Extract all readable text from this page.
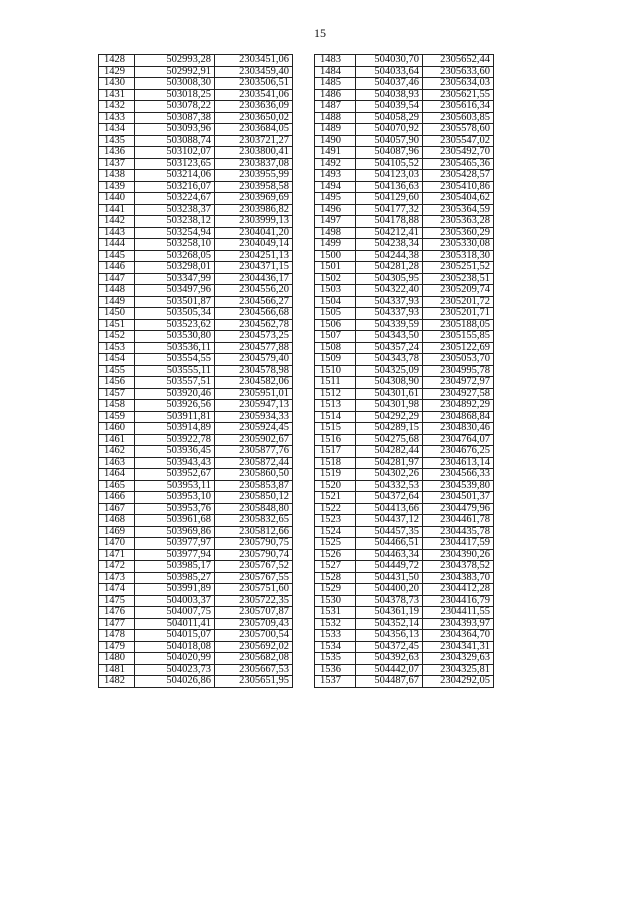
15
1428	502993,28	2303451,06
1429	502992,91	2303459,40
1430	503008,30	2303506,51
1431	503018,25	2303541,06
1432	503078,22	2303636,09
1433	503087,38	2303650,02
1434	503093,96	2303684,05
1435	503088,74	2303721,27
1436	503102,07	2303800,41
1437	503123,65	2303837,08
1438	503214,06	2303955,99
1439	503216,07	2303958,58
1440	503224,67	2303969,69
1441	503238,37	2303986,82
1442	503238,12	2303999,13
1443	503254,94	2304041,20
1444	503258,10	2304049,14
1445	503268,05	2304251,13
1446	503298,01	2304371,15
1447	503347,99	2304436,17
1448	503497,96	2304556,20
1449	503501,87	2304566,27
1450	503505,34	2304566,68
1451	503523,62	2304562,78
1452	503530,80	2304573,25
1453	503536,11	2304577,88
1454	503554,55	2304579,40
1455	503555,11	2304578,98
1456	503557,51	2304582,06
1457	503920,46	2305951,01
1458	503926,56	2305947,13
1459	503911,81	2305934,33
1460	503914,89	2305924,45
1461	503922,78	2305902,67
1462	503936,45	2305877,76
1463	503943,43	2305872,44
1464	503952,67	2305860,50
1465	503953,11	2305853,87
1466	503953,10	2305850,12
1467	503953,76	2305848,80
1468	503961,68	2305832,65
1469	503969,86	2305812,66
1470	503977,97	2305790,75
1471	503977,94	2305790,74
1472	503985,17	2305767,52
1473	503985,27	2305767,55
1474	503991,89	2305751,60
1475	504003,37	2305722,35
1476	504007,75	2305707,87
1477	504011,41	2305709,43
1478	504015,07	2305700,54
1479	504018,08	2305692,02
1480	504020,99	2305682,08
1481	504023,73	2305667,53
1482	504026,86	2305651,95
1483	504030,70	2305652,44
1484	504033,64	2305633,60
1485	504037,46	2305634,03
1486	504038,93	2305621,55
1487	504039,54	2305616,34
1488	504058,29	2305603,85
1489	504070,92	2305578,60
1490	504057,90	2305547,02
1491	504087,96	2305492,70
1492	504105,52	2305465,36
1493	504123,03	2305428,57
1494	504136,63	2305410,86
1495	504129,60	2305404,62
1496	504177,32	2305364,59
1497	504178,88	2305363,28
1498	504212,41	2305360,29
1499	504238,34	2305330,08
1500	504244,38	2305318,30
1501	504281,28	2305251,52
1502	504305,95	2305238,51
1503	504322,40	2305209,74
1504	504337,93	2305201,72
1505	504337,93	2305201,71
1506	504339,59	2305188,05
1507	504343,50	2305155,85
1508	504357,24	2305122,69
1509	504343,78	2305053,70
1510	504325,09	2304995,78
1511	504308,90	2304972,97
1512	504301,61	2304927,58
1513	504301,98	2304892,29
1514	504292,29	2304868,84
1515	504289,15	2304830,46
1516	504275,68	2304764,07
1517	504282,44	2304676,25
1518	504281,97	2304613,14
1519	504302,26	2304566,33
1520	504332,53	2304539,80
1521	504372,64	2304501,37
1522	504413,66	2304479,96
1523	504437,12	2304461,78
1524	504457,35	2304435,78
1525	504466,51	2304417,59
1526	504463,34	2304390,26
1527	504449,72	2304378,52
1528	504431,50	2304383,70
1529	504400,20	2304412,28
1530	504378,73	2304416,79
1531	504361,19	2304411,55
1532	504352,14	2304393,97
1533	504356,13	2304364,70
1534	504372,45	2304341,31
1535	504392,63	2304329,63
1536	504442,07	2304325,81
1537	504487,67	2304292,05
